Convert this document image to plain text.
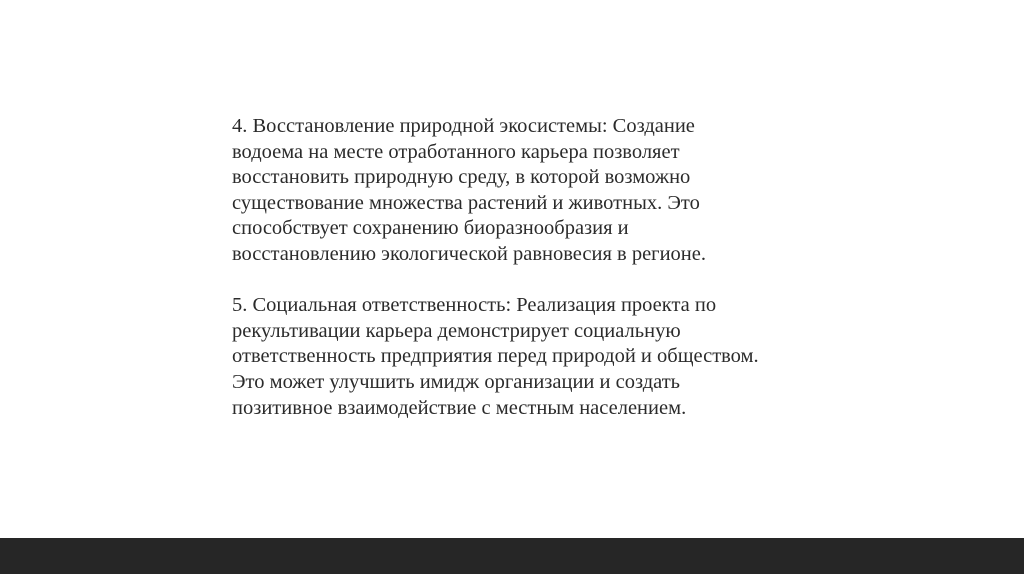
4. Восстановление природной экосистемы: Создание
водоема на месте отработанного карьера позволяет
восстановить природную среду, в которой возможно
существование множества растений и животных. Это
способствует сохранению биоразнообразия и
восстановлению экологической равновесия в регионе.
5. Социальная ответственность: Реализация проекта по
рекультивации карьера демонстрирует социальную
ответственность предприятия перед природой и обществом.
Это может улучшить имидж организации и создать
позитивное взаимодействие с местным населением.
